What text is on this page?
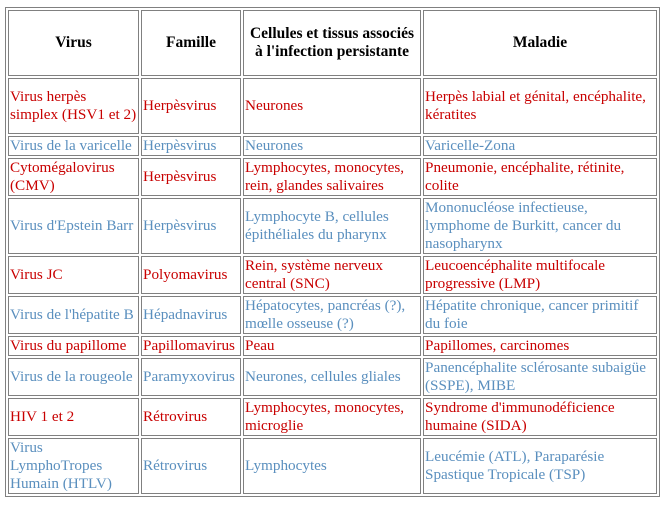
Virus	Famille	Cellules et tissus associés à l'infection persistante	Maladie
Virus herpès simplex (HSV1 et 2)	Herpèsvirus	Neurones	Herpès labial et génital, encéphalite, kératites
Virus de la varicelle	Herpèsvirus	Neurones	Varicelle-Zona
Cytomégalovirus (CMV)	Herpèsvirus	Lymphocytes, monocytes, rein, glandes salivaires	Pneumonie, encéphalite, rétinite, colite
Virus d'Epstein Barr	Herpèsvirus	Lymphocyte B, cellules épithéliales du pharynx	Mononucléose infectieuse, lymphome de Burkitt, cancer du nasopharynx
Virus JC	Polyomavirus	Rein, système nerveux central (SNC)	Leucoencéphalite multifocale progressive (LMP)
Virus de l'hépatite B	Hépadnavirus	Hépatocytes, pancréas (?), mœlle osseuse (?)	Hépatite chronique, cancer primitif du foie
Virus du papillome	Papillomavirus	Peau	Papillomes, carcinomes
Virus de la rougeole	Paramyxovirus	Neurones, cellules gliales	Panencéphalite sclérosante subaigüe (SSPE), MIBE
HIV 1 et 2	Rétrovirus	Lymphocytes, monocytes, microglie	Syndrome d'immunodéficience humaine (SIDA)
Virus LymphoTropes Humain (HTLV)	Rétrovirus	Lymphocytes	Leucémie (ATL), Paraparésie Spastique Tropicale (TSP)
